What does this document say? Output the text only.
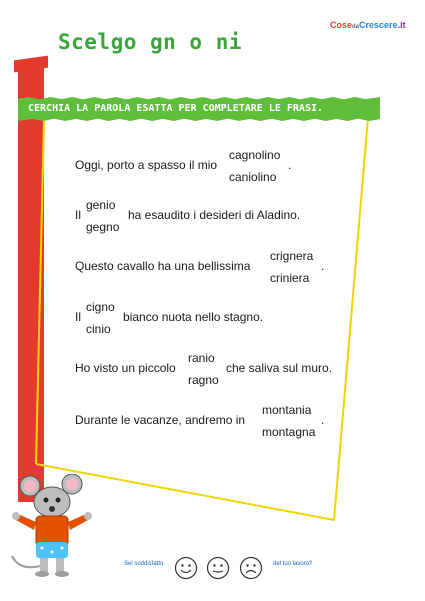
Scelgo gn o ni
CosedaCrescere.it
CERCHIA LA PAROLA ESATTA PER COMPLETARE LE FRASI.
Oggi, porto a spasso il mio
cagnolino
caniolino
.
Il
genio
gegno
ha esaudito i desideri di Aladino.
Questo cavallo ha una bellissima
crignera
criniera
.
Il
cigno
cinio
bianco nuota nello stagno.
Ho visto un piccolo
ranio
ragno
che saliva sul muro.
Durante le vacanze, andremo in
montania
montagna
.
Sei soddisfatto	del tuo lavoro?
